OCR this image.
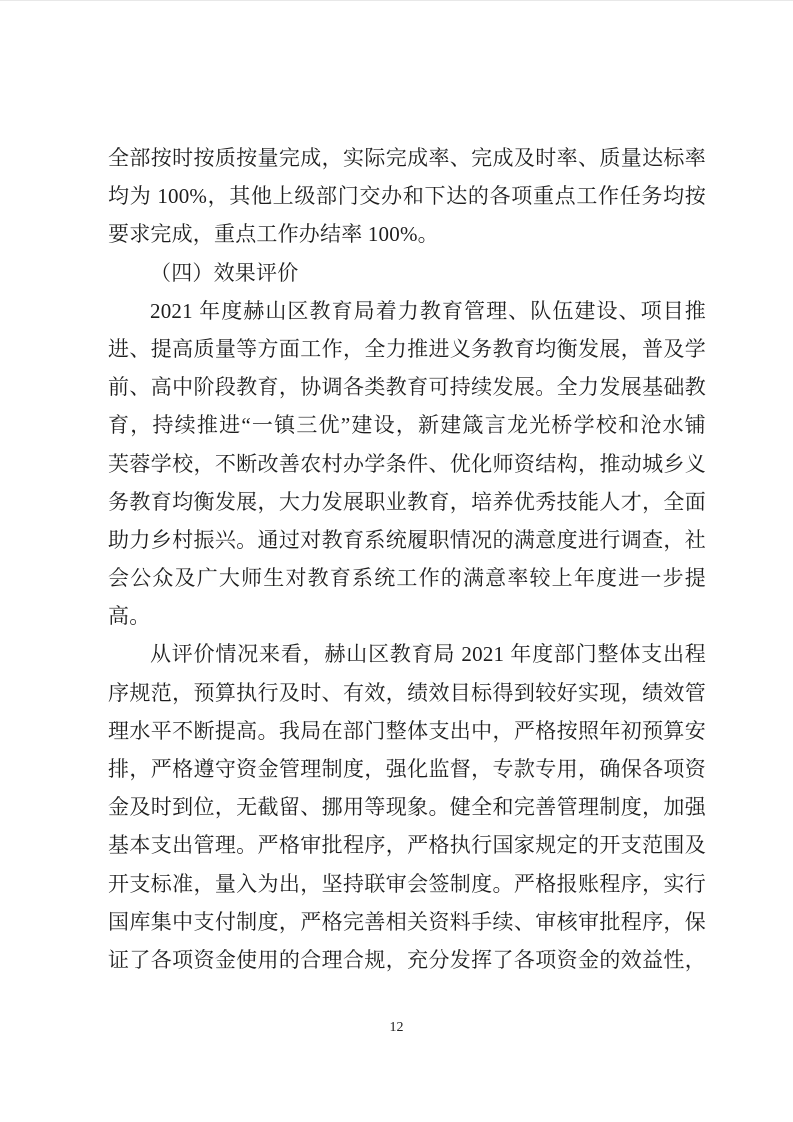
全部按时按质按量完成，实际完成率、完成及时率、质量达标率
均为 100%，其他上级部门交办和下达的各项重点工作任务均按
要求完成，重点工作办结率 100%。
（四）效果评价
2021 年度赫山区教育局着力教育管理、队伍建设、项目推
进、提高质量等方面工作，全力推进义务教育均衡发展，普及学
前、高中阶段教育，协调各类教育可持续发展。全力发展基础教
育，持续推进“一镇三优”建设，新建箴言龙光桥学校和沧水铺
芙蓉学校，不断改善农村办学条件、优化师资结构，推动城乡义
务教育均衡发展，大力发展职业教育，培养优秀技能人才，全面
助力乡村振兴。通过对教育系统履职情况的满意度进行调查，社
会公众及广大师生对教育系统工作的满意率较上年度进一步提
高。
从评价情况来看，赫山区教育局 2021 年度部门整体支出程
序规范，预算执行及时、有效，绩效目标得到较好实现，绩效管
理水平不断提高。我局在部门整体支出中，严格按照年初预算安
排，严格遵守资金管理制度，强化监督，专款专用，确保各项资
金及时到位，无截留、挪用等现象。健全和完善管理制度，加强
基本支出管理。严格审批程序，严格执行国家规定的开支范围及
开支标准，量入为出，坚持联审会签制度。严格报账程序，实行
国库集中支付制度，严格完善相关资料手续、审核审批程序，保
证了各项资金使用的合理合规，充分发挥了各项资金的效益性，
12
